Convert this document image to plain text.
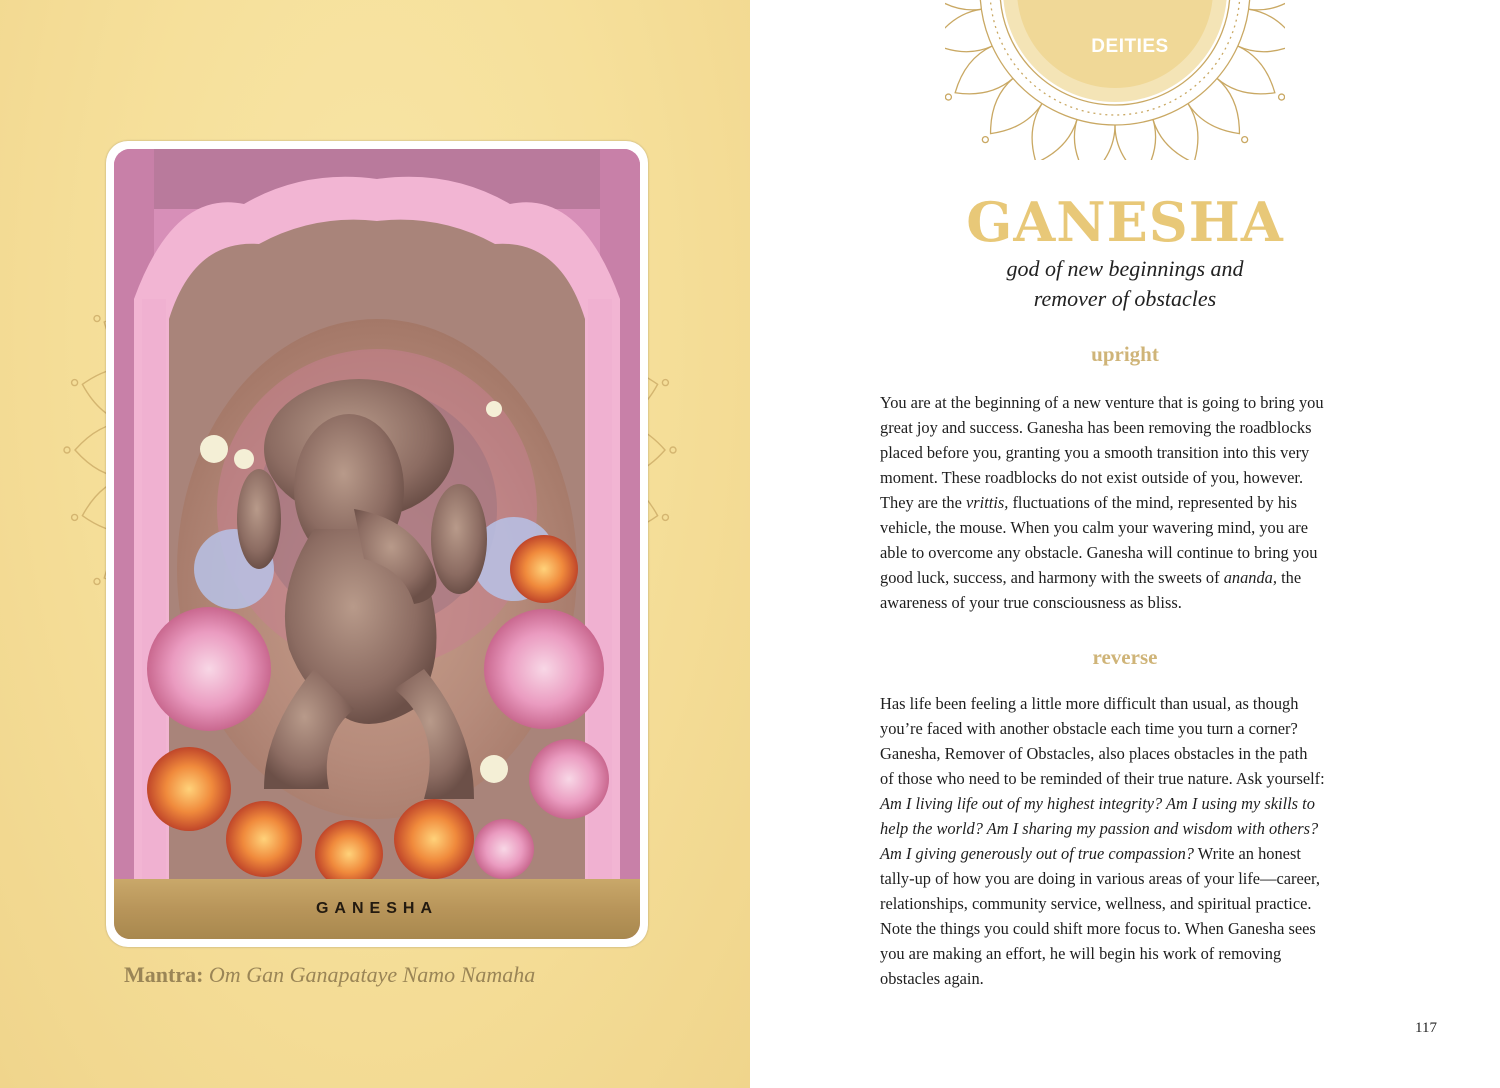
GANESHA
Mantra: Om Gan Ganapataye Namo Namaha
DEITIES
GANESHA
god of new beginnings and
remover of obstacles
upright
You are at the beginning of a new venture that is going to bring you
great joy and success. Ganesha has been removing the roadblocks
placed before you, granting you a smooth transition into this very
moment. These roadblocks do not exist outside of you, however.
They are the vrittis, fluctuations of the mind, represented by his
vehicle, the mouse. When you calm your wavering mind, you are
able to overcome any obstacle. Ganesha will continue to bring you
good luck, success, and harmony with the sweets of ananda, the
awareness of your true consciousness as bliss.
reverse
Has life been feeling a little more difficult than usual, as though
you’re faced with another obstacle each time you turn a corner?
Ganesha, Remover of Obstacles, also places obstacles in the path
of those who need to be reminded of their true nature. Ask yourself:
Am I living life out of my highest integrity? Am I using my skills to
help the world? Am I sharing my passion and wisdom with others?
Am I giving generously out of true compassion? Write an honest
tally-up of how you are doing in various areas of your life—career,
relationships, community service, wellness, and spiritual practice.
Note the things you could shift more focus to. When Ganesha sees
you are making an effort, he will begin his work of removing
obstacles again.
117
